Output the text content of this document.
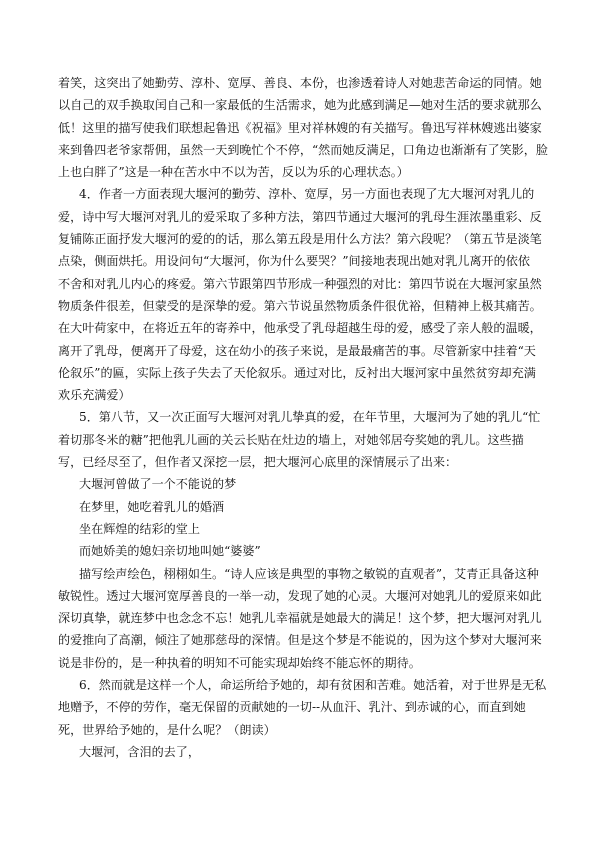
着笑，这突出了她勤劳、淳朴、宽厚、善良、本份，也渗透着诗人对她悲苦命运的同情。她
以自己的双手换取闰自己和一家最低的生活需求，她为此感到满足—她对生活的要求就那么
低！这里的描写使我们联想起鲁迅《祝福》里对祥林嫂的有关描写。鲁迅写祥林嫂逃出婆家
来到鲁四老爷家帮佣，虽然一天到晚忙个不停，“然而她反满足，口角边也渐渐有了笑影，脸
上也白胖了”这是一种在苦水中不以为苦，反以为乐的心理状态。）
4．作者一方面表现大堰河的勤劳、淳朴、宽厚，另一方面也表现了尢大堰河对乳儿的
爱，诗中写大堰河对乳儿的爱采取了多种方法，第四节通过大堰河的乳母生涯浓墨重彩、反
复铺陈正面抒发大堰河的爱的的话，那么第五段是用什么方法？第六段呢？（第五节是淡笔
点染，侧面烘托。用设问句“大堰河，你为什么要哭？”间接地表现出她对乳儿离开的依依
不舍和对乳儿内心的疼爱。第六节跟第四节形成一种强烈的对比：第四节说在大堰河家虽然
物质条件很差，但蒙受的是深挚的爱。第六节说虽然物质条件很优裕，但精神上极其痛苦。
在大叶荷家中，在将近五年的寄养中，他承受了乳母超越生母的爱，感受了亲人般的温暖，
离开了乳母，便离开了母爱，这在幼小的孩子来说，是最最痛苦的事。尽管新家中挂着“天
伦叙乐”的匾，实际上孩子失去了天伦叙乐。通过对比，反衬出大堰河家中虽然贫穷却充满
欢乐充满爱）
5．第八节，又一次正面写大堰河对乳儿挚真的爱，在年节里，大堰河为了她的乳儿“忙
着切那冬米的糖”把他乳儿画的关云长贴在灶边的墙上，对她邻居夸奖她的乳儿。这些描
写，已经尽至了，但作者又深挖一层，把大堰河心底里的深情展示了出来：
大堰河曾做了一个不能说的梦
在梦里，她吃着乳儿的婚酒
坐在辉煌的结彩的堂上
而她娇美的媳妇亲切地叫她“婆婆”
描写绘声绘色，栩栩如生。“诗人应该是典型的事物之敏锐的直观者”，艾青正具备这种
敏锐性。透过大堰河宽厚善良的一举一动，发现了她的心灵。大堰河对她乳儿的爱原来如此
深切真挚，就连梦中也念念不忘！她乳儿幸福就是她最大的满足！这个梦，把大堰河对乳儿
的爱推向了高潮，倾注了她那慈母的深情。但是这个梦是不能说的，因为这个梦对大堰河来
说是非份的，是一种执着的明知不可能实现却始终不能忘怀的期待。
6．然而就是这样一个人，命运所给予她的，却有贫困和苦难。她活着，对于世界是无私
地赠予，不停的劳作，毫无保留的贡献她的一切--从血汗、乳汁、到赤诚的心，而直到她
死，世界给予她的，是什么呢？（朗读）
大堰河，含泪的去了，
